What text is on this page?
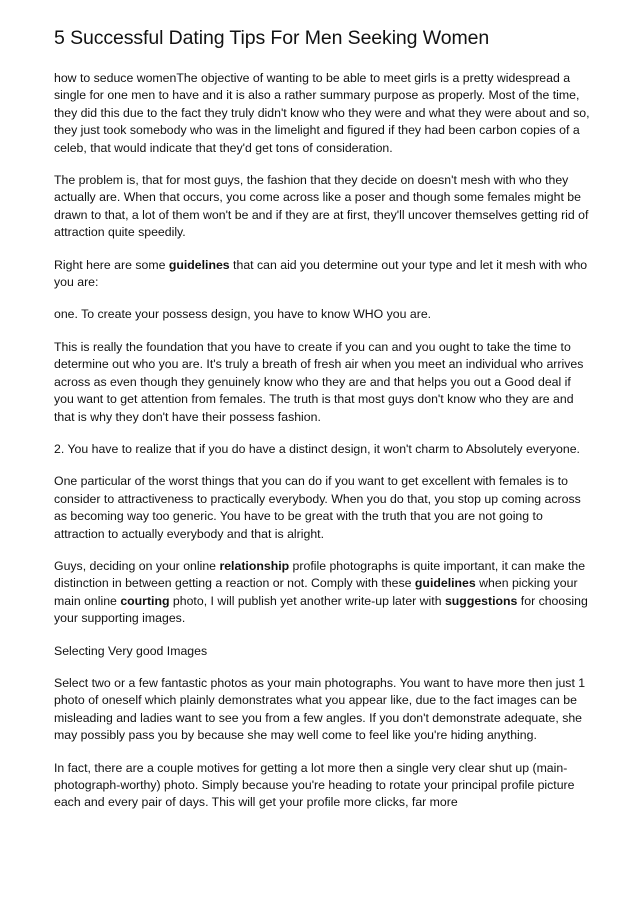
5 Successful Dating Tips For Men Seeking Women

how to seduce womenThe objective of wanting to be able to meet girls is a pretty widespread a single for one men to have and it is also a rather summary purpose as properly. Most of the time, they did this due to the fact they truly didn't know who they were and what they were about and so, they just took somebody who was in the limelight and figured if they had been carbon copies of a celeb, that would indicate that they'd get tons of consideration.

The problem is, that for most guys, the fashion that they decide on doesn't mesh with who they actually are. When that occurs, you come across like a poser and though some females might be drawn to that, a lot of them won't be and if they are at first, they'll uncover themselves getting rid of attraction quite speedily.

Right here are some guidelines that can aid you determine out your type and let it mesh with who you are:

one. To create your possess design, you have to know WHO you are.

This is really the foundation that you have to create if you can and you ought to take the time to determine out who you are. It's truly a breath of fresh air when you meet an individual who arrives across as even though they genuinely know who they are and that helps you out a Good deal if you want to get attention from females. The truth is that most guys don't know who they are and that is why they don't have their possess fashion.

2. You have to realize that if you do have a distinct design, it won't charm to Absolutely everyone.

One particular of the worst things that you can do if you want to get excellent with females is to consider to attractiveness to practically everybody. When you do that, you stop up coming across as becoming way too generic. You have to be great with the truth that you are not going to attraction to actually everybody and that is alright.

Guys, deciding on your online relationship profile photographs is quite important, it can make the distinction in between getting a reaction or not. Comply with these guidelines when picking your main online courting photo, I will publish yet another write-up later with suggestions for choosing your supporting images.

Selecting Very good Images

Select two or a few fantastic photos as your main photographs. You want to have more then just 1 photo of oneself which plainly demonstrates what you appear like, due to the fact images can be misleading and ladies want to see you from a few angles. If you don't demonstrate adequate, she may possibly pass you by because she may well come to feel like you're hiding anything.

In fact, there are a couple motives for getting a lot more then a single very clear shut up (main- photograph-worthy) photo. Simply because you're heading to rotate your principal profile picture each and every pair of days. This will get your profile more clicks, far more
